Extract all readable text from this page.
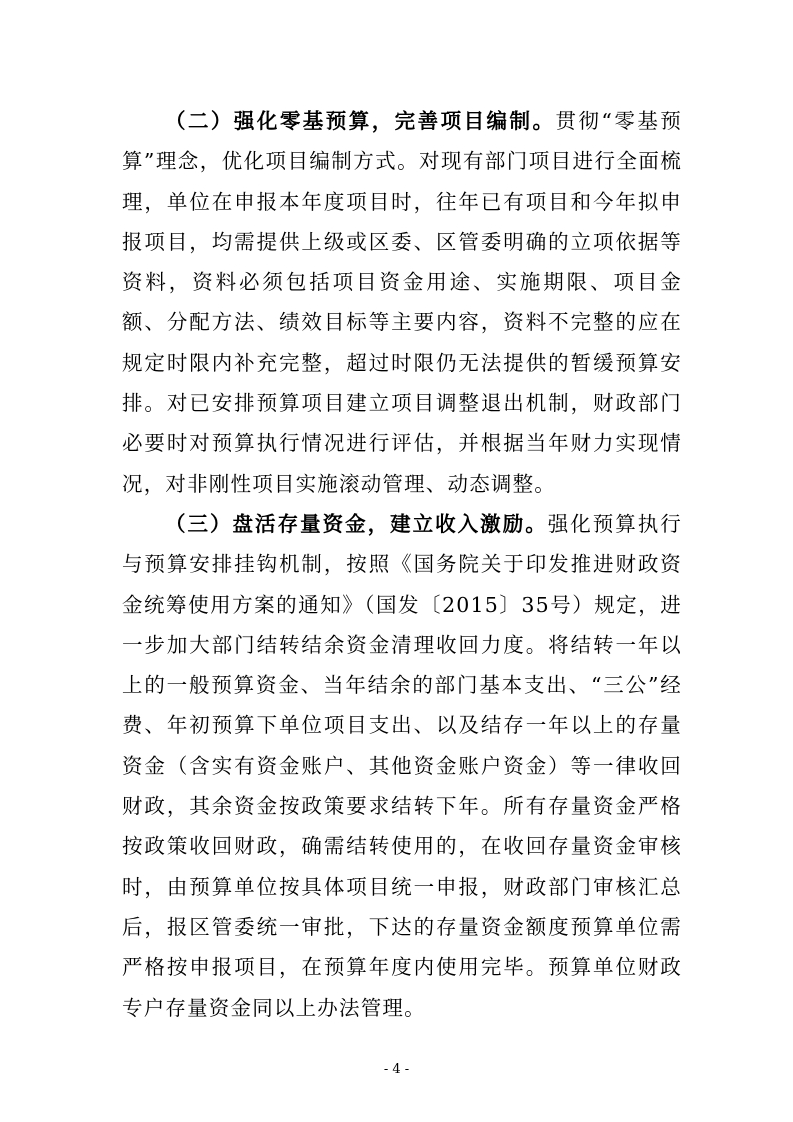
（二）强化零基预算，完善项目编制。贯彻“零基预算”理念，优化项目编制方式。对现有部门项目进行全面梳理，单位在申报本年度项目时，往年已有项目和今年拟申报项目，均需提供上级或区委、区管委明确的立项依据等资料，资料必须包括项目资金用途、实施期限、项目金额、分配方法、绩效目标等主要内容，资料不完整的应在规定时限内补充完整，超过时限仍无法提供的暂缓预算安排。对已安排预算项目建立项目调整退出机制，财政部门必要时对预算执行情况进行评估，并根据当年财力实现情况，对非刚性项目实施滚动管理、动态调整。

（三）盘活存量资金，建立收入激励。强化预算执行与预算安排挂钩机制，按照《国务院关于印发推进财政资金统筹使用方案的通知》（国发〔2015〕35号）规定，进一步加大部门结转结余资金清理收回力度。将结转一年以上的一般预算资金、当年结余的部门基本支出、“三公”经费、年初预算下单位项目支出、以及结存一年以上的存量资金（含实有资金账户、其他资金账户资金）等一律收回财政，其余资金按政策要求结转下年。所有存量资金严格按政策收回财政，确需结转使用的，在收回存量资金审核时，由预算单位按具体项目统一申报，财政部门审核汇总后，报区管委统一审批，下达的存量资金额度预算单位需严格按申报项目，在预算年度内使用完毕。预算单位财政专户存量资金同以上办法管理。

- 4 -
